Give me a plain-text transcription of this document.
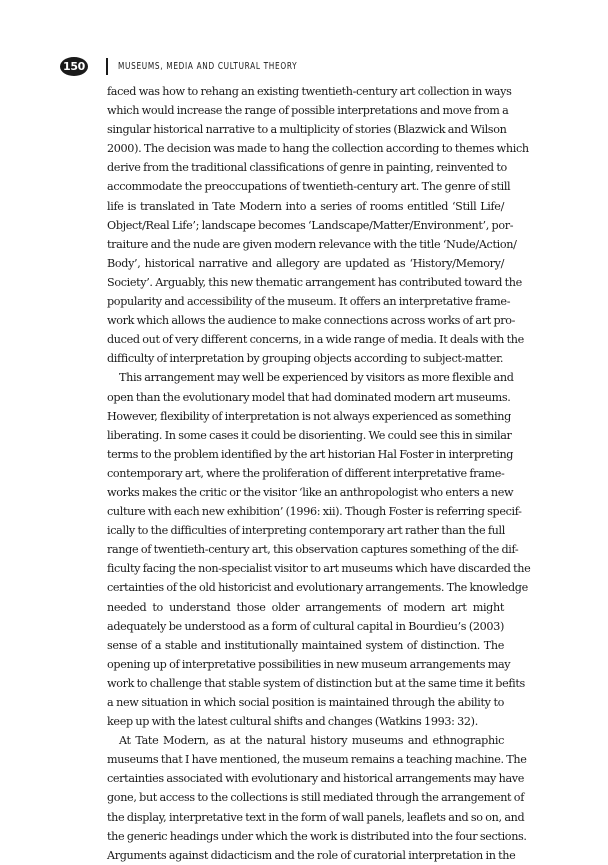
150	MUSEUMS, MEDIA AND CULTURAL THEORY
faced was how to rehang an existing twentieth-century art collection in ways
which would increase the range of possible interpretations and move from a
singular historical narrative to a multiplicity of stories (Blazwick and Wilson
2000). The decision was made to hang the collection according to themes which
derive from the traditional classifications of genre in painting, reinvented to
accommodate the preoccupations of twentieth-century art. The genre of still
life is translated in Tate Modern into a series of rooms entitled ‘Still Life/
Object/Real Life’; landscape becomes ‘Landscape/Matter/Environment’, por-
traiture and the nude are given modern relevance with the title ‘Nude/Action/
Body’, historical narrative and allegory are updated as ‘History/Memory/
Society’. Arguably, this new thematic arrangement has contributed toward the
popularity and accessibility of the museum. It offers an interpretative frame-
work which allows the audience to make connections across works of art pro-
duced out of very different concerns, in a wide range of media. It deals with the
difficulty of interpretation by grouping objects according to subject-matter.
This arrangement may well be experienced by visitors as more flexible and
open than the evolutionary model that had dominated modern art museums.
However, flexibility of interpretation is not always experienced as something
liberating. In some cases it could be disorienting. We could see this in similar
terms to the problem identified by the art historian Hal Foster in interpreting
contemporary art, where the proliferation of different interpretative frame-
works makes the critic or the visitor ‘like an anthropologist who enters a new
culture with each new exhibition’ (1996: xii). Though Foster is referring specif-
ically to the difficulties of interpreting contemporary art rather than the full
range of twentieth-century art, this observation captures something of the dif-
ficulty facing the non-specialist visitor to art museums which have discarded the
certainties of the old historicist and evolutionary arrangements. The knowledge
needed to understand those older arrangements of modern art might
adequately be understood as a form of cultural capital in Bourdieu’s (2003)
sense of a stable and institutionally maintained system of distinction. The
opening up of interpretative possibilities in new museum arrangements may
work to challenge that stable system of distinction but at the same time it befits
a new situation in which social position is maintained through the ability to
keep up with the latest cultural shifts and changes (Watkins 1993: 32).
At Tate Modern, as at the natural history museums and ethnographic
museums that I have mentioned, the museum remains a teaching machine. The
certainties associated with evolutionary and historical arrangements may have
gone, but access to the collections is still mediated through the arrangement of
the display, interpretative text in the form of wall panels, leaflets and so on, and
the generic headings under which the work is distributed into the four sections.
Arguments against didacticism and the role of curatorial interpretation in the
